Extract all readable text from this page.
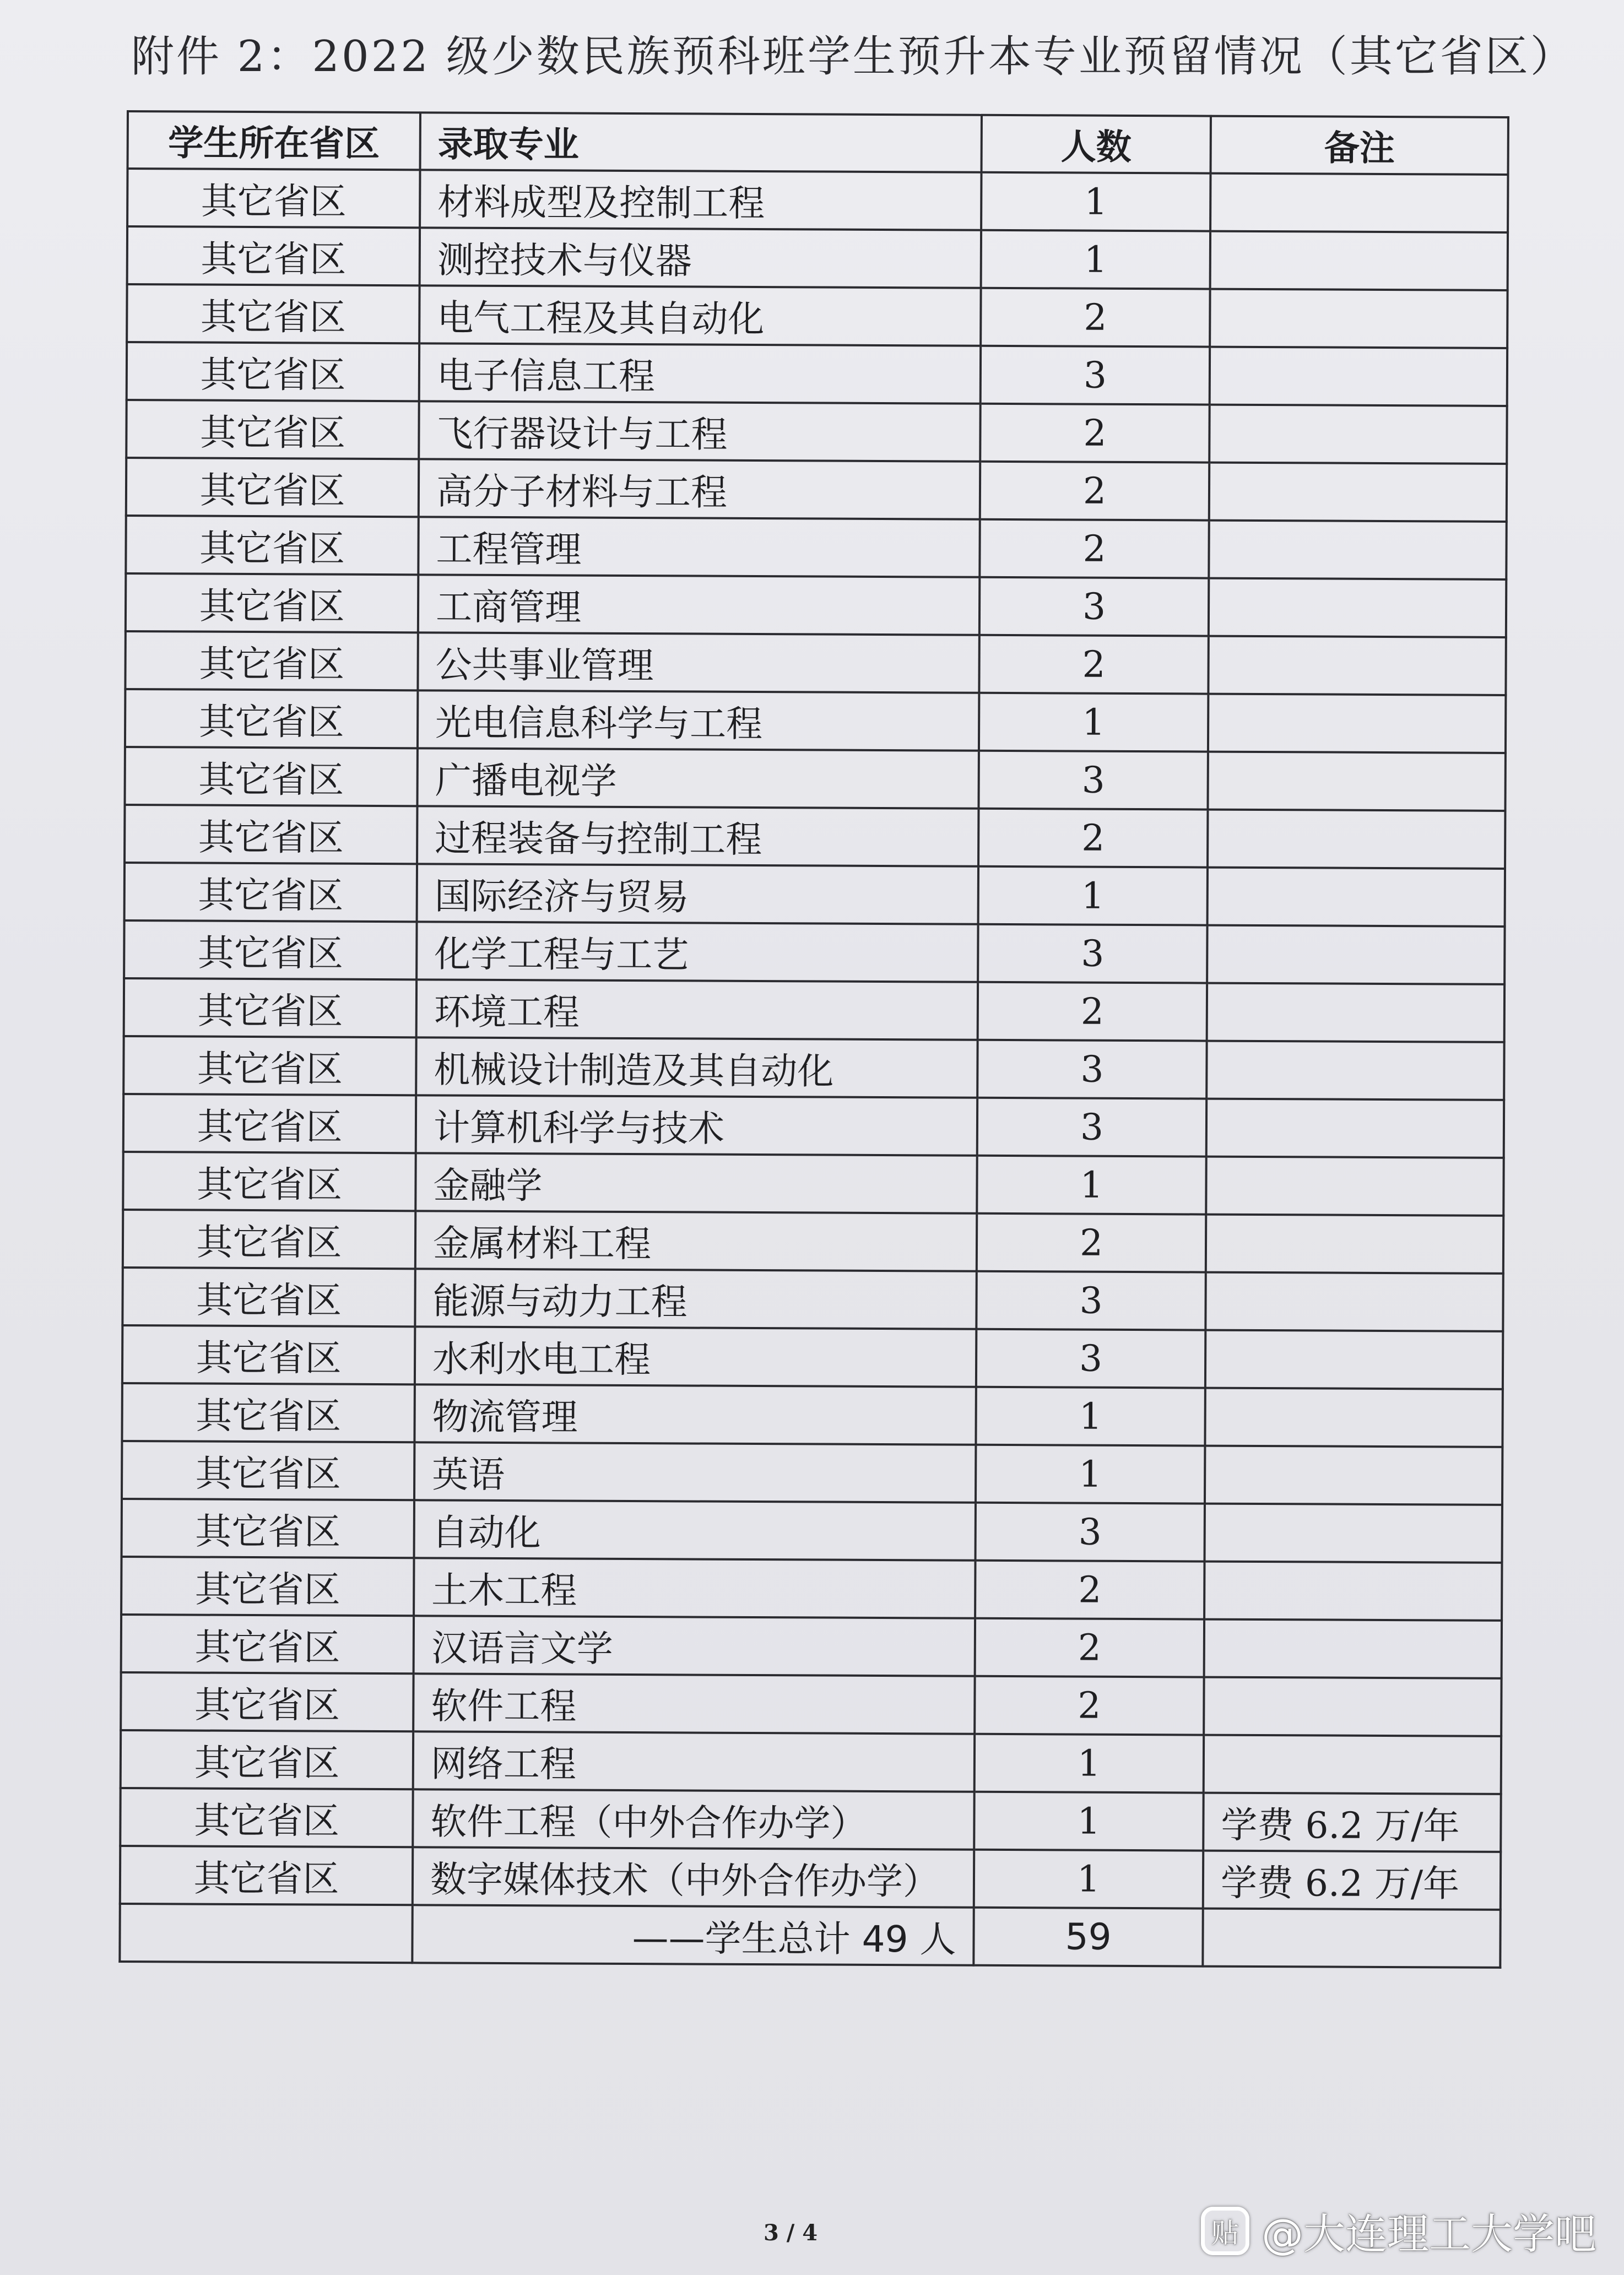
附件 2：2022 级少数民族预科班学生预升本专业预留情况（其它省区）
学生所在省区	录取专业	人数	备注
其它省区	材料成型及控制工程	1	
其它省区	测控技术与仪器	1	
其它省区	电气工程及其自动化	2	
其它省区	电子信息工程	3	
其它省区	飞行器设计与工程	2	
其它省区	高分子材料与工程	2	
其它省区	工程管理	2	
其它省区	工商管理	3	
其它省区	公共事业管理	2	
其它省区	光电信息科学与工程	1	
其它省区	广播电视学	3	
其它省区	过程装备与控制工程	2	
其它省区	国际经济与贸易	1	
其它省区	化学工程与工艺	3	
其它省区	环境工程	2	
其它省区	机械设计制造及其自动化	3	
其它省区	计算机科学与技术	3	
其它省区	金融学	1	
其它省区	金属材料工程	2	
其它省区	能源与动力工程	3	
其它省区	水利水电工程	3	
其它省区	物流管理	1	
其它省区	英语	1	
其它省区	自动化	3	
其它省区	土木工程	2	
其它省区	汉语言文学	2	
其它省区	软件工程	2	
其它省区	网络工程	1	
其它省区	软件工程（中外合作办学）	1	学费 6.2 万/年
其它省区	数字媒体技术（中外合作办学）	1	学费 6.2 万/年
	——学生总计 49 人	59	
3 / 4	贴 @大连理工大学吧
